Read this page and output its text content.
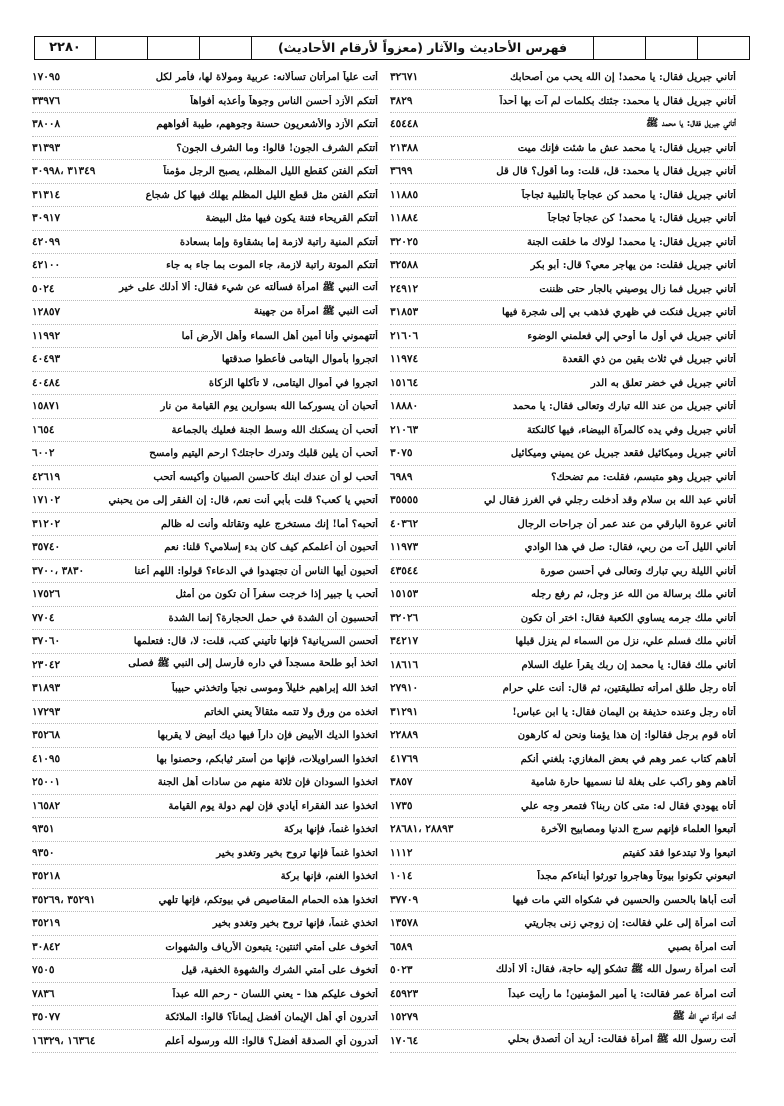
فهرس الأحاديث والآثار (معزواً لأرقام الأحاديث)
٢٢٨٠
أتاني جبريل فقال: يا محمد! إن الله يحب من أصحابك
٣٢٦٧١
أتاني جبريل فقال يا محمد: جئتك بكلمات لم آت بها أحداً
٣٨٢٩
أتاني جبريل فقال: يا محمد ﷺ
٤٥٤٤٨
أتاني جبريل فقال: يا محمد عش ما شئت فإنك ميت
٢١٣٨٨
أتاني جبريل فقال يا محمد: قل، قلت: وما أقول؟ قال قل
٣٦٩٩
أتاني جبريل فقال: يا محمد كن عجاجاً بالتلبية ثجاجاً
١١٨٨٥
أتاني جبريل فقال: يا محمد! كن عجاجاً ثجاجاً
١١٨٨٤
أتاني جبريل فقال: يا محمد! لولاك ما خلقت الجنة
٣٢٠٢٥
أتاني جبريل فقلت: من يهاجر معي؟ قال: أبو بكر
٣٢٥٨٨
أتاني جبريل فما زال يوصيني بالجار حتى ظننت
٢٤٩١٢
أتاني جبريل فنكت في ظهري فذهب بي إلى شجرة فيها
٣١٨٥٣
أتاني جبريل في أول ما أوحي إلي فعلمني الوضوء
٢١٦٠٦
أتاني جبريل في ثلاث بقين من ذي القعدة
١١٩٧٤
أتاني جبريل في خضر تعلق به الدر
١٥١٦٤
أتاني جبريل من عند الله تبارك وتعالى فقال: يا محمد
١٨٨٨٠
أتاني جبريل وفي يده كالمرآة البيضاء، فيها كالنكتة
٢١٠٦٣
أتاني جبريل وميكائيل فقعد جبريل عن يميني وميكائيل
٣٠٧٥
أتاني جبريل وهو متبسم، فقلت: مم تضحك؟
٦٩٨٩
أتاني عبد الله بن سلام وقد أدخلت رجلي في الغرز فقال لي
٣٥٥٥٥
أتاني عروة البارقي من عند عمر أن جراحات الرجال
٤٠٣٦٢
أتاني الليل آت من ربي، فقال: صل في هذا الوادي
١١٩٧٣
أتاني الليلة ربي تبارك وتعالى في أحسن صورة
٤٣٥٤٤
أتاني ملك برسالة من الله عز وجل، ثم رفع رجله
١٥١٥٣
أتاني ملك جرمه يساوي الكعبة فقال: اختر أن تكون
٣٢٠٢٦
أتاني ملك فسلم علي، نزل من السماء لم ينزل قبلها
٣٤٢١٧
أتاني ملك فقال: يا محمد إن ربك يقرأ عليك السلام
١٨٦١٦
أتاه رجل طلق امرأته تطليقتين، ثم قال: أنت علي حرام
٢٧٩١٠
أتاه رجل وعنده حذيفة بن اليمان فقال: يا ابن عباس!
٣١٢٩١
أتاه قوم برجل فقالوا: إن هذا يؤمنا ونحن له كارهون
٢٢٨٨٩
أتاهم كتاب عمر وهم في بعض المغازي: بلغني أنكم
٤١٧٦٩
أتاهم وهو راكب على بغلة لنا نسميها حارة شامية
٣٨٥٧
أتاه يهودي فقال له: متى كان ربنا؟ فتمعر وجه علي
١٧٣٥
أتبعوا العلماء فإنهم سرج الدنيا ومصابيح الآخرة
٢٨٨٩٣ ،٢٨٦٨١
اتبعوا ولا تبتدعوا فقد كفيتم
١١١٢
اتبعوني تكونوا بيوتاً وهاجروا تورثوا أبناءكم مجداً
١٠١٤
أتت أباها بالحسن والحسين في شكواه التي مات فيها
٣٧٧٠٩
أتت امرأة إلى علي فقالت: إن زوجي زنى بجاريتي
١٣٥٧٨
أتت امرأة بصبي
٦٥٨٩
أتت امرأة رسول الله ﷺ تشكو إليه حاجة، فقال: ألا أدلك
٥٠٢٣
أتت امرأة عمر فقالت: يا أمير المؤمنين! ما رأيت عبداً
٤٥٩٢٣
أتت امرأة نبي الله ﷺ
١٥٢٧٩
أتت رسول الله ﷺ امرأة فقالت: أريد أن أتصدق بحلي
١٧٠٦٤
أتت علياً امرأتان تسألانه: عربية ومولاة لها، فأمر لكل
١٧٠٩٥
أتتكم الأزد أحسن الناس وجوهاً وأعذبه أفواهاً
٣٣٩٧٦
أتتكم الأزد والأشعريون حسنة وجوههم، طيبة أفواههم
٣٨٠٠٨
أتتكم الشرف الجون! قالوا: وما الشرف الجون؟
٣١٣٩٣
أتتكم الفتن كقطع الليل المظلم، يصبح الرجل مؤمناً
٣١٣٤٩ ،٣٠٩٩٨
أتتكم الفتن مثل قطع الليل المظلم يهلك فيها كل شجاع
٣١٣١٤
أتتكم القريحاء فتنة يكون فيها مثل البيضة
٣٠٩١٧
أتتكم المنية راتبة لازمة إما بشقاوة وإما بسعادة
٤٢٠٩٩
أتتكم الموتة راتبة لازمة، جاء الموت بما جاء به جاء
٤٢١٠٠
أتت النبي ﷺ امرأة فسألته عن شيء فقال: ألا أدلك على خير
٥٠٢٤
أتت النبي ﷺ امرأة من جهينة
١٢٨٥٧
أتتهموني وأنا أمين أهل السماء وأهل الأرض أما
١١٩٩٢
اتجروا بأموال اليتامى فأعطوا صدقتها
٤٠٤٩٣
اتجروا في أموال اليتامى، لا تأكلها الزكاة
٤٠٤٨٤
أتحبان أن يسوركما الله بسوارين يوم القيامة من نار
١٥٨٧١
أتحب أن يسكنك الله وسط الجنة فعليك بالجماعة
١٦٥٤
أتحب أن يلين قلبك وتدرك حاجتك؟ ارحم اليتيم وامسح
٦٠٠٢
أتحب لو أن عندك ابنك كأحسن الصبيان وأكيسه أتحب
٤٢٦١٩
أتحبي يا كعب؟ قلت بأبي أنت نعم، قال: إن الفقر إلى من يحبني
١٧١٠٢
أتحبه؟ أما! إنك مستخرج عليه وتقاتله وأنت له ظالم
٣١٢٠٢
أتحبون أن أعلمكم كيف كان بدء إسلامي؟ قلنا: نعم
٣٥٧٤٠
أتحبون أيها الناس أن تجتهدوا في الدعاء؟ قولوا: اللهم أعنا
٣٨٣٠ ،٣٧٠٠
أتحب يا جبير إذا خرجت سفراً أن تكون من أمثل
١٧٥٢٦
أتحسبون أن الشدة في حمل الحجارة؟ إنما الشدة
٧٧٠٤
أتحسن السريانية؟ فإنها تأتيني كتب، قلت: لا، قال: فتعلمها
٣٧٠٦٠
اتخذ أبو طلحة مسجداً في داره فأرسل إلى النبي ﷺ فصلى
٢٣٠٤٢
اتخذ الله إبراهيم خليلاً وموسى نجياً واتخذني حبيباً
٣١٨٩٣
اتخذه من ورق ولا تتمه مثقالاً يعني الخاتم
١٧٢٩٣
اتخذوا الديك الأبيض فإن داراً فيها ديك أبيض لا يقربها
٣٥٢٦٨
اتخذوا السراويلات، فإنها من أستر ثيابكم، وحصنوا بها
٤١٠٩٥
اتخذوا السودان فإن ثلاثة منهم من سادات أهل الجنة
٢٥٠٠١
اتخذوا عند الفقراء أيادي فإن لهم دولة يوم القيامة
١٦٥٨٢
اتخذوا غنماً، فإنها بركة
٩٣٥١
اتخذوا غنماً فإنها تروح بخير وتغدو بخير
٩٣٥٠
اتخذوا الغنم، فإنها بركة
٣٥٢١٨
اتخذوا هذه الحمام المقاصيص في بيوتكم، فإنها تلهي
٣٥٢٩١ ،٣٥٢٦٩
اتخذي غنماً، فإنها تروح بخير وتغدو بخير
٣٥٢١٩
أتخوف على أمتي اثنتين: يتبعون الأرياف والشهوات
٣٠٨٤٢
أتخوف على أمتي الشرك والشهوة الخفية، قيل
٧٥٠٥
أتخوف عليكم هذا - يعني اللسان - رحم الله عبداً
٧٨٣٦
أتدرون أي أهل الإيمان أفضل إيماناً؟ قالوا: الملائكة
٣٥٠٧٧
أتدرون أي الصدقة أفضل؟ قالوا: الله ورسوله أعلم
١٦٣٦٤ ،١٦٣٢٩
